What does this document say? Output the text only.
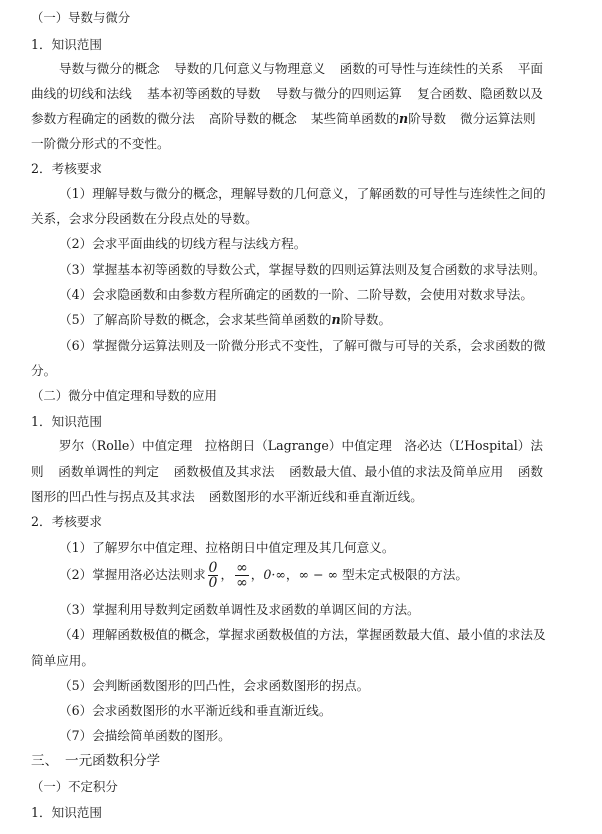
（一）导数与微分
1．知识范围
导数与微分的概念 导数的几何意义与物理意义 函数的可导性与连续性的关系 平面
曲线的切线和法线 基本初等函数的导数 导数与微分的四则运算 复合函数、隐函数以及
参数方程确定的函数的微分法 高阶导数的概念 某些简单函数的n阶导数 微分运算法则
一阶微分形式的不变性。
2．考核要求
（1）理解导数与微分的概念，理解导数的几何意义，了解函数的可导性与连续性之间的
关系，会求分段函数在分段点处的导数。
（2）会求平面曲线的切线方程与法线方程。
（3）掌握基本初等函数的导数公式，掌握导数的四则运算法则及复合函数的求导法则。
（4）会求隐函数和由参数方程所确定的函数的一阶、二阶导数，会使用对数求导法。
（5）了解高阶导数的概念，会求某些简单函数的n阶导数。
（6）掌握微分运算法则及一阶微分形式不变性，了解可微与可导的关系，会求函数的微
分。
（二）微分中值定理和导数的应用
1．知识范围
罗尔（Rolle）中值定理 拉格朗日（Lagrange）中值定理 洛必达（L’Hospital）法
则 函数单调性的判定 函数极值及其求法 函数最大值、最小值的求法及简单应用 函数
图形的凹凸性与拐点及其求法 函数图形的水平渐近线和垂直渐近线。
2．考核要求
（1）了解罗尔中值定理、拉格朗日中值定理及其几何意义。
（2）掌握用洛必达法则求 $\frac{0}{0}$ ， $\frac{\infty}{\infty}$ ，0·∞，∞ − ∞ 型未定式极限的方法。
（3）掌握利用导数判定函数单调性及求函数的单调区间的方法。
（4）理解函数极值的概念，掌握求函数极值的方法，掌握函数最大值、最小值的求法及
简单应用。
（5）会判断函数图形的凹凸性，会求函数图形的拐点。
（6）会求函数图形的水平渐近线和垂直渐近线。
（7）会描绘简单函数的图形。
三、　一元函数积分学
（一）不定积分
1．知识范围
